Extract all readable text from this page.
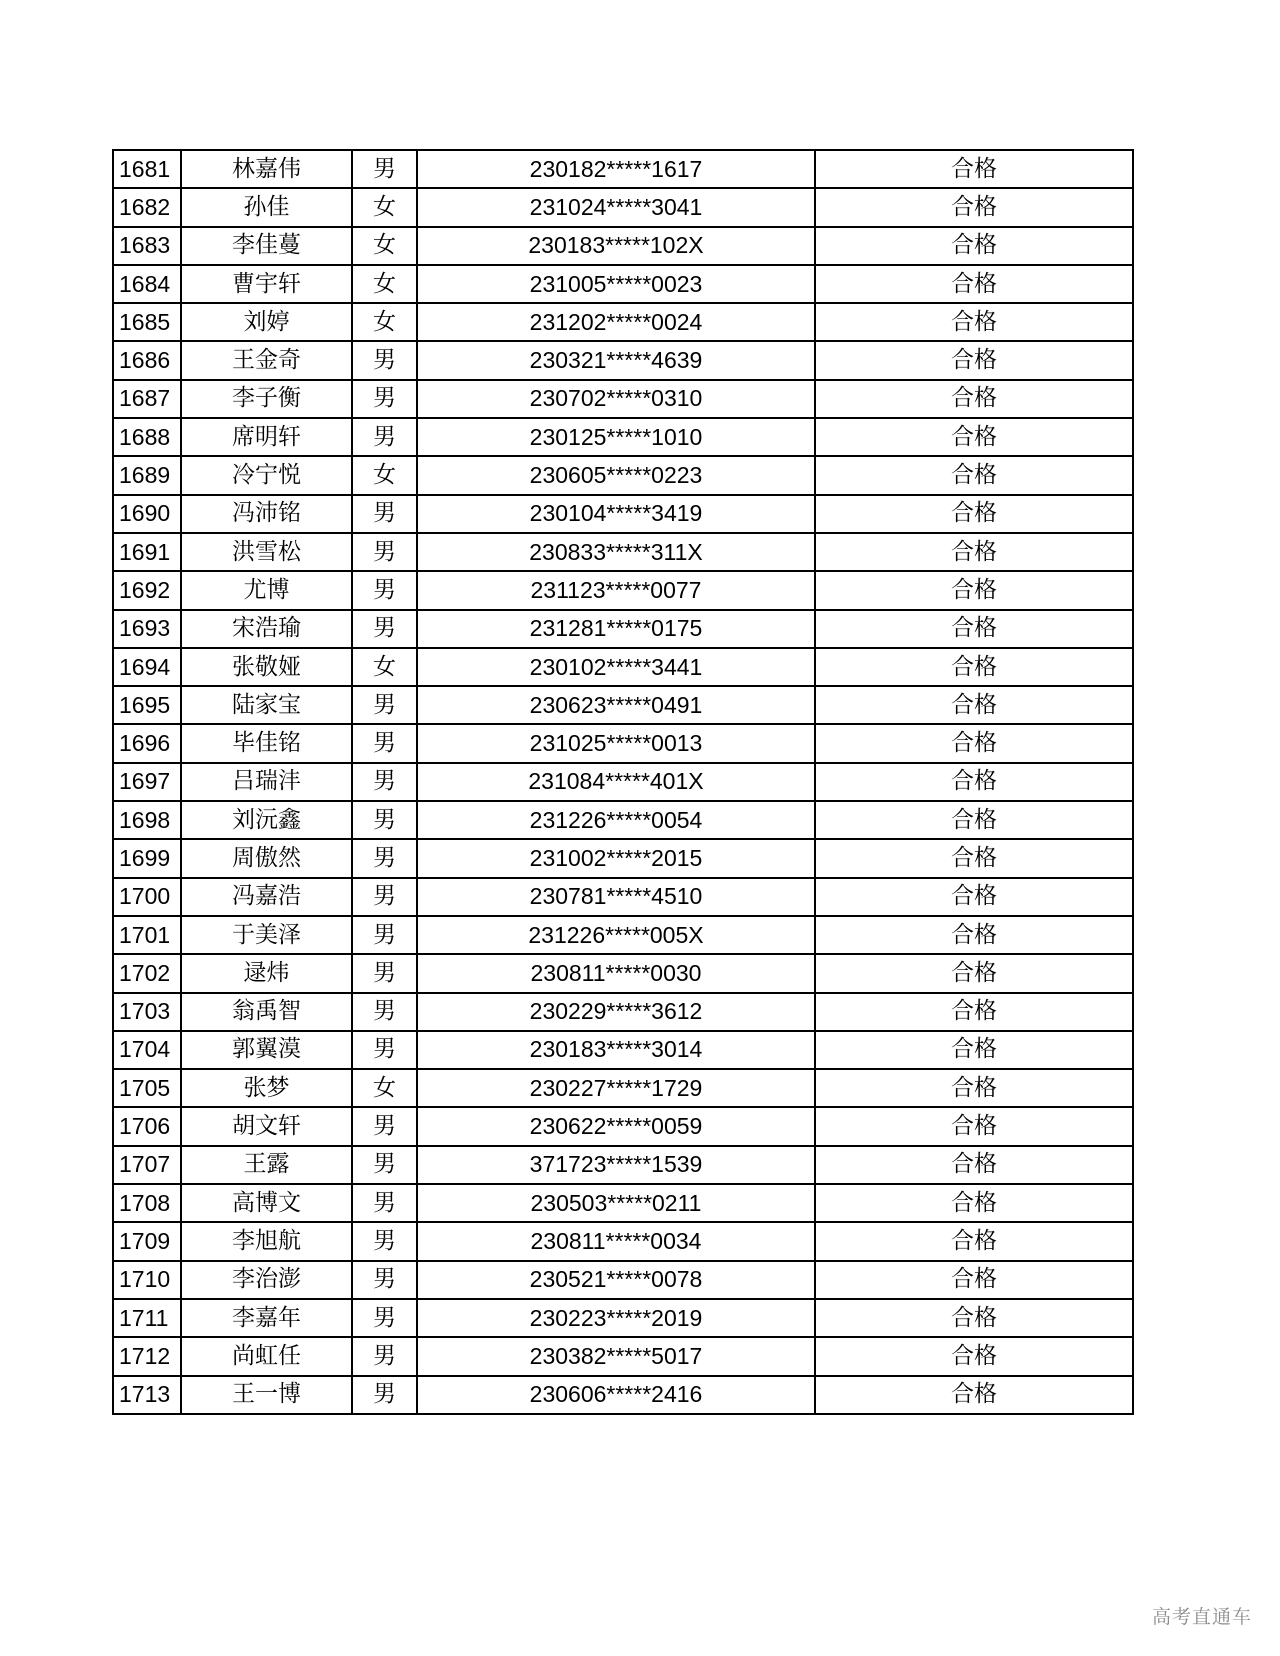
1681	林嘉伟	男	230182*****1617	合格
1682	孙佳	女	231024*****3041	合格
1683	李佳蔓	女	230183*****102X	合格
1684	曹宇轩	女	231005*****0023	合格
1685	刘婷	女	231202*****0024	合格
1686	王金奇	男	230321*****4639	合格
1687	李子衡	男	230702*****0310	合格
1688	席明轩	男	230125*****1010	合格
1689	冷宁悦	女	230605*****0223	合格
1690	冯沛铭	男	230104*****3419	合格
1691	洪雪松	男	230833*****311X	合格
1692	尤博	男	231123*****0077	合格
1693	宋浩瑜	男	231281*****0175	合格
1694	张敬娅	女	230102*****3441	合格
1695	陆家宝	男	230623*****0491	合格
1696	毕佳铭	男	231025*****0013	合格
1697	吕瑞沣	男	231084*****401X	合格
1698	刘沅鑫	男	231226*****0054	合格
1699	周傲然	男	231002*****2015	合格
1700	冯嘉浩	男	230781*****4510	合格
1701	于美泽	男	231226*****005X	合格
1702	逯炜	男	230811*****0030	合格
1703	翁禹智	男	230229*****3612	合格
1704	郭翼漠	男	230183*****3014	合格
1705	张梦	女	230227*****1729	合格
1706	胡文轩	男	230622*****0059	合格
1707	王露	男	371723*****1539	合格
1708	高博文	男	230503*****0211	合格
1709	李旭航	男	230811*****0034	合格
1710	李治澎	男	230521*****0078	合格
1711	李嘉年	男	230223*****2019	合格
1712	尚虹任	男	230382*****5017	合格
1713	王一博	男	230606*****2416	合格
高考直通车
